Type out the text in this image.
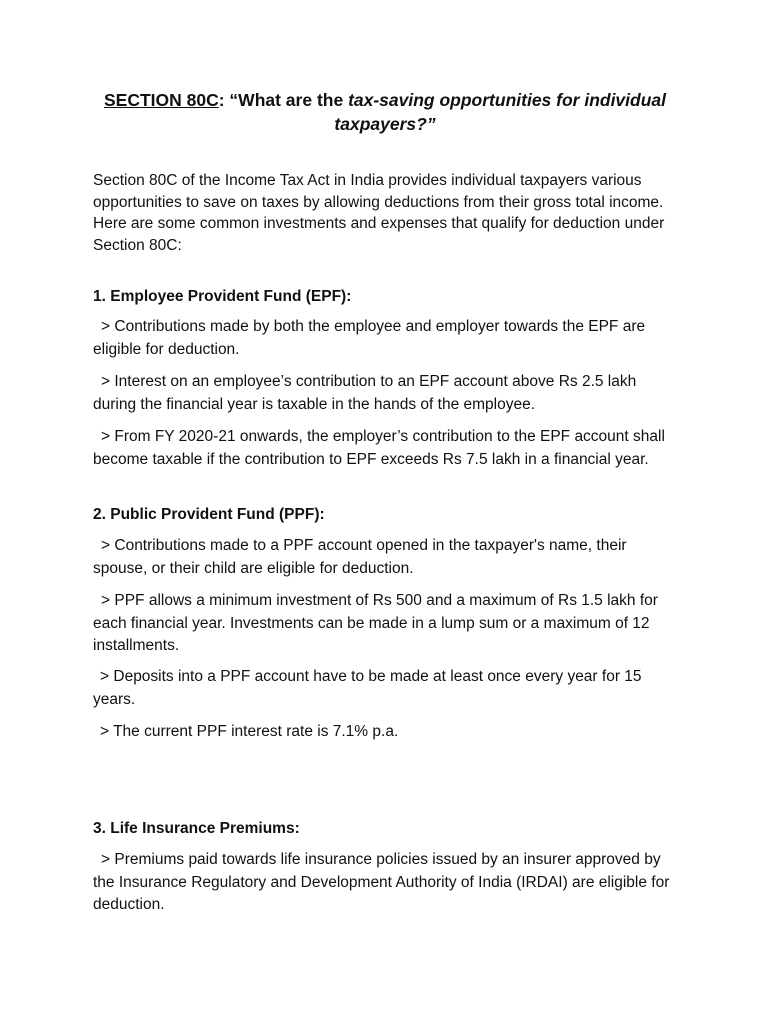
SECTION 80C: “What are the tax-saving opportunities for individual taxpayers?”

Section 80C of the Income Tax Act in India provides individual taxpayers various opportunities to save on taxes by allowing deductions from their gross total income. Here are some common investments and expenses that qualify for deduction under Section 80C:

1. Employee Provident Fund (EPF):

> Contributions made by both the employee and employer towards the EPF are eligible for deduction.

> Interest on an employee’s contribution to an EPF account above Rs 2.5 lakh during the financial year is taxable in the hands of the employee.

> From FY 2020-21 onwards, the employer’s contribution to the EPF account shall become taxable if the contribution to EPF exceeds Rs 7.5 lakh in a financial year.

2. Public Provident Fund (PPF):

> Contributions made to a PPF account opened in the taxpayer's name, their spouse, or their child are eligible for deduction.

> PPF allows a minimum investment of Rs 500 and a maximum of Rs 1.5 lakh for each financial year. Investments can be made in a lump sum or a maximum of 12 installments.

> Deposits into a PPF account have to be made at least once every year for 15 years.

> The current PPF interest rate is 7.1% p.a.

3. Life Insurance Premiums:

> Premiums paid towards life insurance policies issued by an insurer approved by the Insurance Regulatory and Development Authority of India (IRDAI) are eligible for deduction.
